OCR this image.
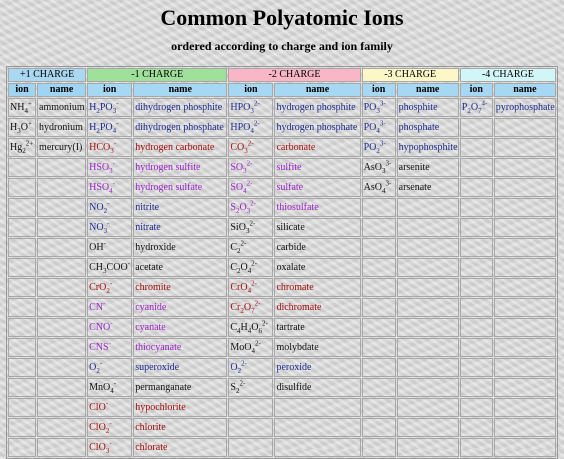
Common Polyatomic Ions
ordered according to charge and ion family
+1 CHARGE		-1 CHARGE		-2 CHARGE		-3 CHARGE		-4 CHARGE	
ion	name	ion	name	ion	name	ion	name	ion	name
$NH_4^+$	ammonium	$H_2PO_3^-$	dihydrogen phosphite	$HPO_3^{2-}$	hydrogen phosphite	$PO_3^{3-}$	phosphite	$P_2O_7^{4-}$	pyrophosphate
$H_3O^+$	hydronium	$H_2PO_4^-$	dihydrogen phosphate	$HPO_4^{2-}$	hydrogen phosphate	$PO_4^{3-}$	phosphate		
$Hg_2^{2+}$	mercury(I)	$HCO_3^-$	hydrogen carbonate	$CO_3^{2-}$	carbonate	$PO_2^{3-}$	hypophosphite		
		$HSO_3^-$	hydrogen sulfite	$SO_3^{2-}$	sulfite	AsO$_3^{3-}$	arsenite		
		$HSO_4^-$	hydrogen sulfate	$SO_4^{2-}$	sulfate	AsO$_4^{3-}$	arsenate		
		$NO_2^-$	nitrite	$S_2O_3^{2-}$	thiosulfate				
		$NO_3^-$	nitrate	SiO$_3^{2-}$	silicate				
		OH-	hydroxide	$C_2^{2-}$	carbide				
		$CH_3COO^-$	acetate	$C_2O_4^{2-}$	oxalate				
		CrO$_2$-	chromite	CrO$_4^{2-}$	chromate				
		CN-	cyanide	$Cr_2O_7^{2-}$	dichromate				
		CNO-	cyanate	$C_4H_4O_6^{2-}$	tartrate				
		CNS-	thiocyanate	MoO$_4^{2-}$	molybdate				
		$O_2^-$	superoxide	$O_2^{2-}$	peroxide				
		MnO$_4$-	permanganate	$S_2^{2-}$	disulfide				
		ClO-	hypochlorite						
		ClO$_2$-	chlorite						
		ClO$_3$-	chlorate						
